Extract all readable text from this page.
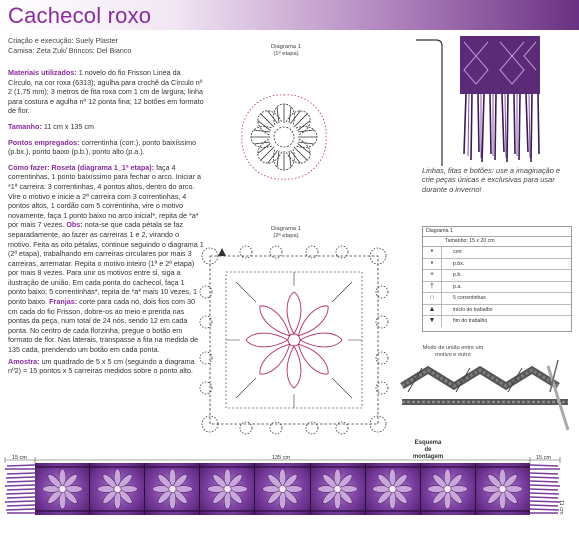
Cachecol roxo
Criação e execução: Suely Plaster
Camisa: Zeta Zuk/ Brincos: Del Bianco

Materiais utilizados: 1 novelo do fio Frisson Linea da Círculo, na cor roxa (6313); agulha para crochê da Círculo nº 2 (1,75 mm); 3 metros de fita roxa com 1 cm de largura; linha para costura e agulha nº 12 ponta fina; 12 botões em formato de flor.

Tamanho: 11 cm x 135 cm

Pontos empregados: correntinha (corr.), ponto baixíssimo (p.bx.), ponto baixo (p.b.), ponto alto (p.a.).

Como fazer: Roseta (diagrama 1_1ª etapa): faça 4 correntinhas, 1 ponto baixíssimo para fechar o arco. Iniciar a *1ª carreira: 3 correntinhas, 4 pontos altos, dentro do arco. Vire o motivo e inicie a 2ª carreira com 3 correntinhas, 4 pontos altos, 1 cordão com 5 correntinha, vire o motivo novamente, faça 1 ponto baixo no arco inicial*, repita de *a* por mais 7 vezes. Obs: nota-se que cada pétala se faz separadamente, ao fazer as carreiras 1 e 2, virando o motivo. Feita as oito pétalas, continue seguindo o diagrama 1 (2ª etapa), trabalhando em carreiras circulares por mais 3 carreiras, arrematar. Repita o motivo inteiro (1ª e 2ª etapa) por mais 8 vezes. Para unir os motivos entre si, siga a ilustração de união. Em cada ponta do cachecol, faça 1 ponto baixo, 5 correntinhas*, repita de *a* mais 10 vezes, 1 ponto baixo. Franjas: corte para cada nó, dois fios com 30 cm cada do fio Frisson, dobre-os ao meio e prenda nas pontas da peça, num total de 24 nós, sendo 12 em cada ponta. No centro de cada florzinha, pregue o botão em formato de flor. Nas laterais, transpasse a fita na medida de 135 cada, prendendo um botão em cada ponta.

Amostra: um quadrado de 5 x 5 cm (seguindo a diagrama nº2) = 15 pontos x 5 carreiras medidos sobre o ponto alto.

Diagrama 1
(1ª etapa)
Diagrama 1
(2ª etapa)
Linhas, fitas e botões: use a imaginação e crie peças únicas e exclusivas para usar durante o inverno!
Diagrama 1
Tamanho: 15 x 20 cm
•	corr.
•	p.bx.
+	p.b.
†	p.a.
∩	5 correntinhas
▲	início do trabalho
▼	fim do trabalho
Modo de união entre um
motivo e outro
Esquema
de
montagem
15 cm	135 cm	15 cm
11 cm
